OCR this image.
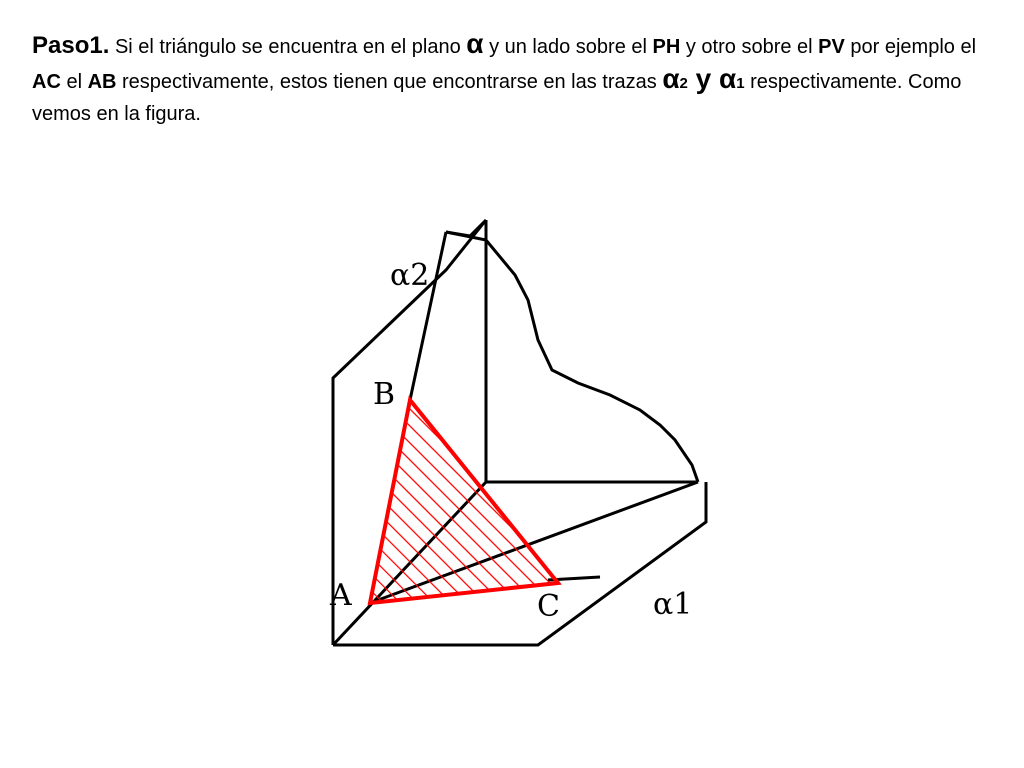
Paso1. Si el triángulo se encuentra en el plano α y un lado sobre el PH y otro sobre el PV por ejemplo el AC el AB respectivamente, estos tienen que encontrarse en las trazas α2 y α1 respectivamente. Como vemos en la figura.

α2
B
A	C	α1
